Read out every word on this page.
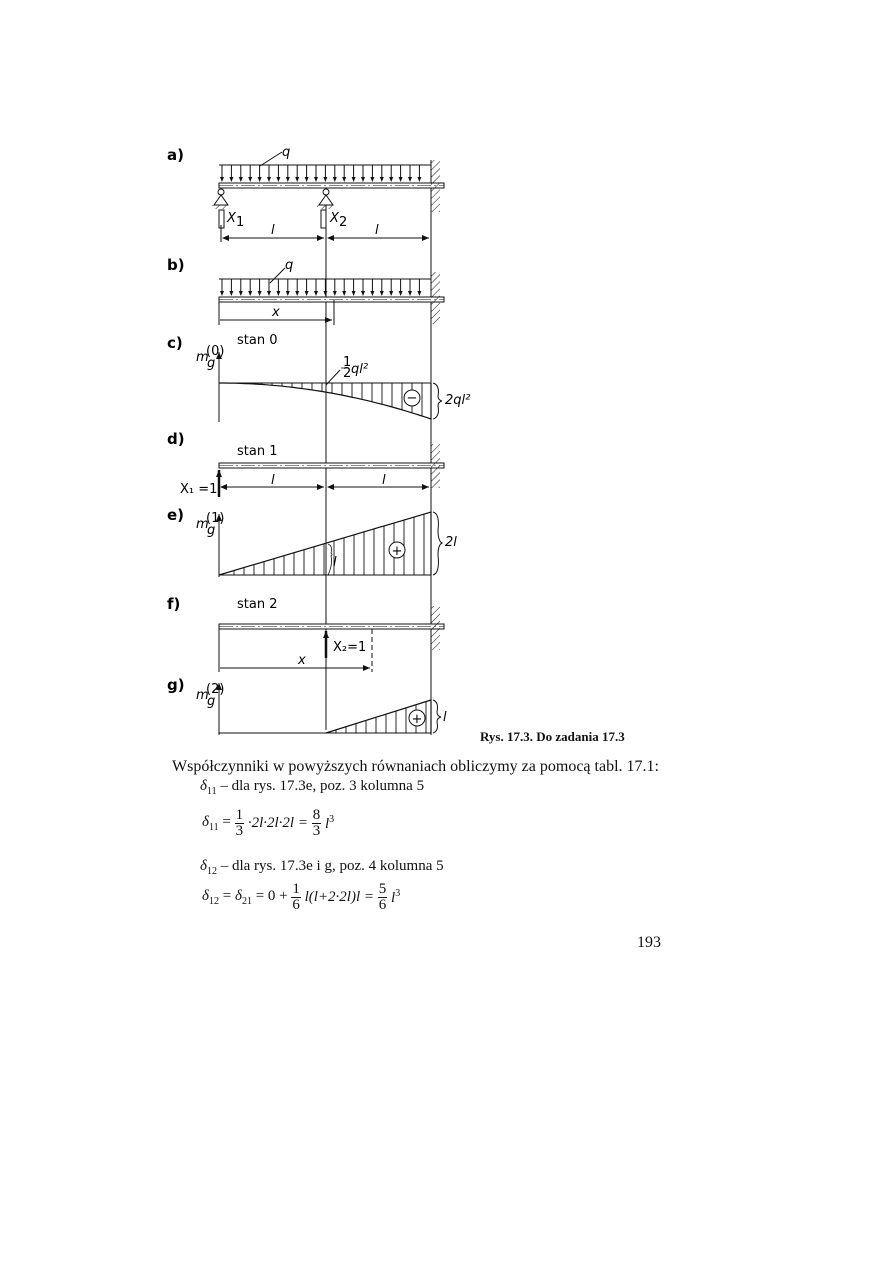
a)	q
X 1	X 2
l	l
b)	q
x
c)	stan 0
m
(0)
g
− 2ql²
1
2 ql²
d)
stan 1
X₁ =1
l	l
e)
m
(1)
g
+
2l
l
f)	stan 2
X₂=1
x
g)
m
(2)
g
+ l
Rys. 17.3. Do zadania 17.3
Współczynniki w powyższych równaniach obliczymy za pomocą tabl. 17.1:
$\delta_{11}$ – dla rys. 17.3e, poz. 3 kolumna 5
$\delta_{11} = \frac{1}{3} \cdot 2l\cdot 2l\cdot 2l = \frac{8}{3} l^3$
$\delta_{12}$ – dla rys. 17.3e i g, poz. 4 kolumna 5
$\delta_{12} = \delta_{21} = 0 + \frac{1}{6} l(l+2\cdot 2l)l = \frac{5}{6} l^3$
193
